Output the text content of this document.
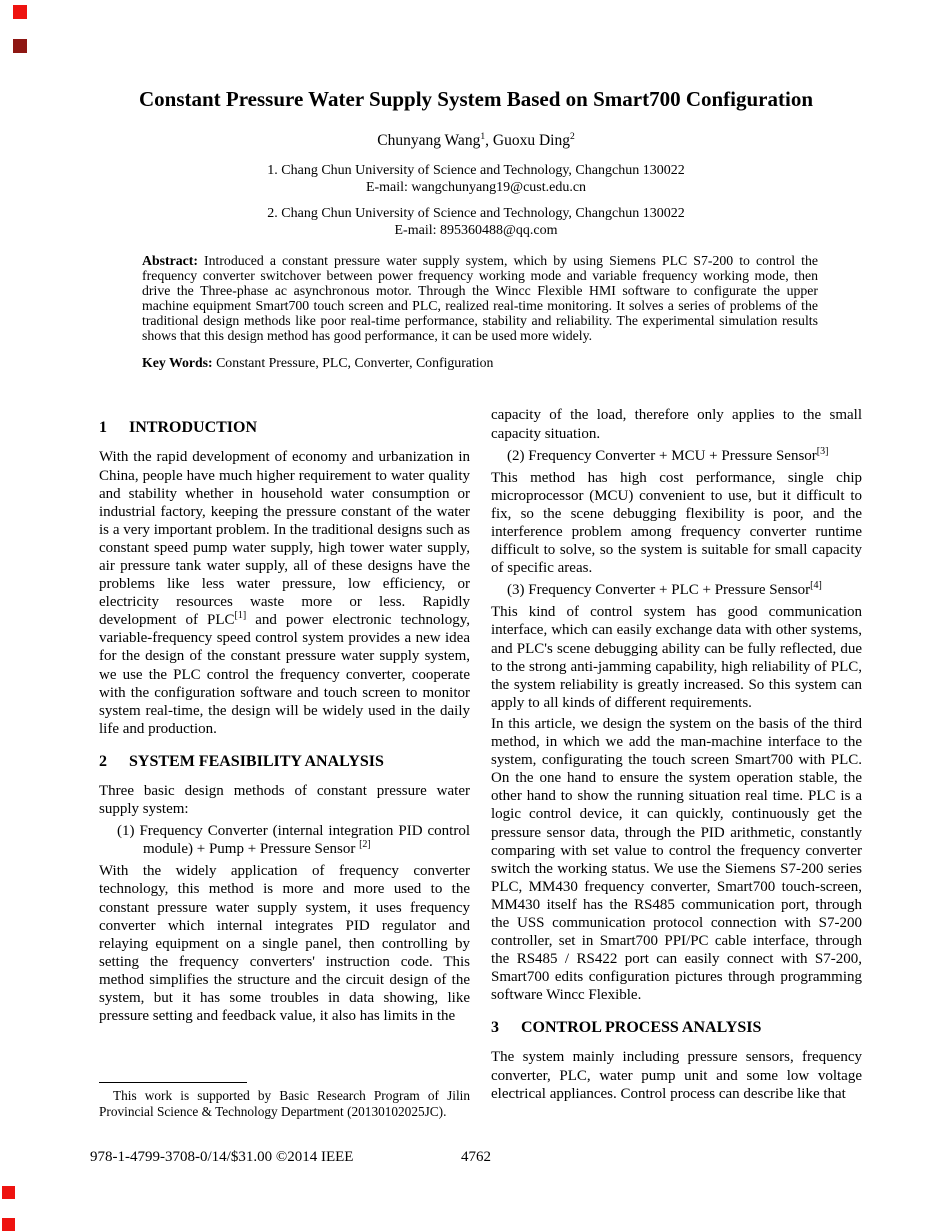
Constant Pressure Water Supply System Based on Smart700 Configuration
Chunyang Wang$^1$, Guoxu Ding$^2$
1. Chang Chun University of Science and Technology, Changchun 130022
E-mail: wangchunyang19@cust.edu.cn
2. Chang Chun University of Science and Technology, Changchun 130022
E-mail: 895360488@qq.com

Abstract: Introduced a constant pressure water supply system, which by using Siemens PLC S7-200 to control the frequency converter switchover between power frequency working mode and variable frequency working mode, then drive the Three-phase ac asynchronous motor. Through the Wincc Flexible HMI software to configurate the upper machine equipment Smart700 touch screen and PLC, realized real-time monitoring. It solves a series of problems of the traditional design methods like poor real-time performance, stability and reliability. The experimental simulation results shows that this design method has good performance, it can be used more widely.

Key Words: Constant Pressure, PLC, Converter, Configuration

1 INTRODUCTION

With the rapid development of economy and urbanization in China, people have much higher requirement to water quality and stability whether in household water consumption or industrial factory, keeping the pressure constant of the water is a very important problem. In the traditional designs such as constant speed pump water supply, high tower water supply, air pressure tank water supply, all of these designs have the problems like less water pressure, low efficiency, or electricity resources waste more or less. Rapidly development of PLC[1] and power electronic technology, variable-frequency speed control system provides a new idea for the design of the constant pressure water supply system, we use the PLC control the frequency converter, cooperate with the configuration software and touch screen to monitor system real-time, the design will be widely used in the daily life and production.

2 SYSTEM FEASIBILITY ANALYSIS

Three basic design methods of constant pressure water supply system:

(1) Frequency Converter (internal integration PID control module) + Pump + Pressure Sensor [2]

With the widely application of frequency converter technology, this method is more and more used to the constant pressure water supply system, it uses frequency converter which internal integrates PID regulator and relaying equipment on a single panel, then controlling by setting the frequency converters' instruction code. This method simplifies the structure and the circuit design of the system, but it has some troubles in data showing, like pressure setting and feedback value, it also has limits in the

capacity of the load, therefore only applies to the small capacity situation.

(2) Frequency Converter + MCU + Pressure Sensor[3]

This method has high cost performance, single chip microprocessor (MCU) convenient to use, but it difficult to fix, so the scene debugging flexibility is poor, and the interference problem among frequency converter runtime difficult to solve, so the system is suitable for small capacity of specific areas.

(3) Frequency Converter + PLC + Pressure Sensor[4]

This kind of control system has good communication interface, which can easily exchange data with other systems, and PLC's scene debugging ability can be fully reflected, due to the strong anti-jamming capability, high reliability of PLC, the system reliability is greatly increased. So this system can apply to all kinds of different requirements.

In this article, we design the system on the basis of the third method, in which we add the man-machine interface to the system, configurating the touch screen Smart700 with PLC. On the one hand to ensure the system operation stable, the other hand to show the running situation real time. PLC is a logic control device, it can quickly, continuously get the pressure sensor data, through the PID arithmetic, constantly comparing with set value to control the frequency converter switch the working status. We use the Siemens S7-200 series PLC, MM430 frequency converter, Smart700 touch-screen, MM430 itself has the RS485 communication port, through the USS communication protocol connection with S7-200 controller, set in Smart700 PPI/PC cable interface, through the RS485 / RS422 port can easily connect with S7-200, Smart700 edits configuration pictures through programming software Wincc Flexible.

3 CONTROL PROCESS ANALYSIS

The system mainly including pressure sensors, frequency converter, PLC, water pump unit and some low voltage electrical appliances. Control process can describe like that

This work is supported by Basic Research Program of Jilin Provincial Science & Technology Department (20130102025JC).

978-1-4799-3708-0/14/$31.00 ©2014 IEEE	4762
